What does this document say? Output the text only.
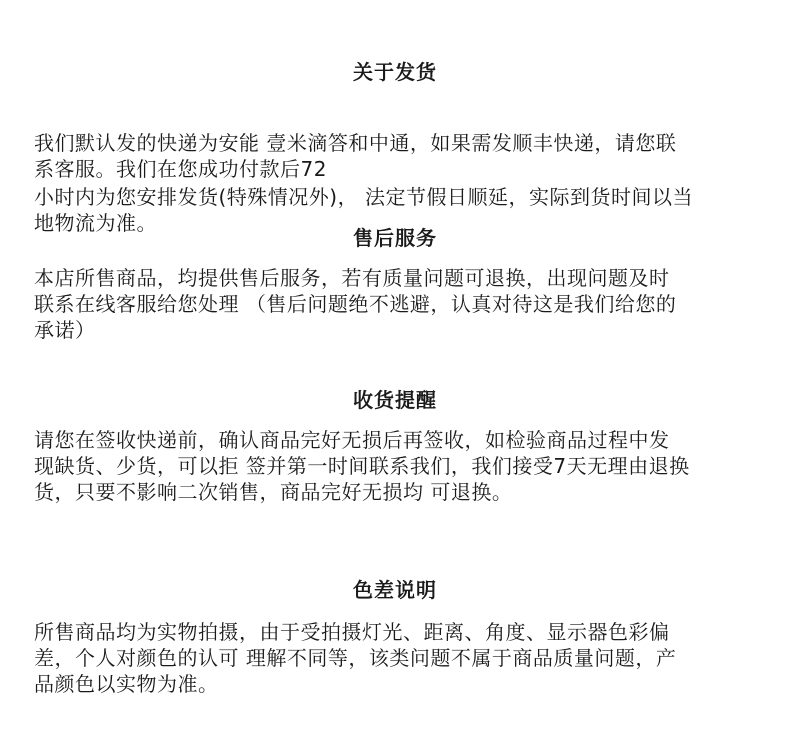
关于发货
我们默认发的快递为安能 壹米滴答和中通，如果需发顺丰快递，请您联
系客服。我们在您成功付款后72
小时内为您安排发货(特殊情况外)， 法定节假日顺延，实际到货时间以当
地物流为准。
售后服务
本店所售商品，均提供售后服务，若有质量问题可退换，出现问题及时
联系在线客服给您处理 （售后问题绝不逃避，认真对待这是我们给您的
承诺）
收货提醒
请您在签收快递前，确认商品完好无损后再签收，如检验商品过程中发
现缺货、少货，可以拒 签并第一时间联系我们，我们接受7天无理由退换
货，只要不影响二次销售，商品完好无损均 可退换。
色差说明
所售商品均为实物拍摄，由于受拍摄灯光、距离、角度、显示器色彩偏
差，个人对颜色的认可 理解不同等，该类问题不属于商品质量问题，产
品颜色以实物为准。
